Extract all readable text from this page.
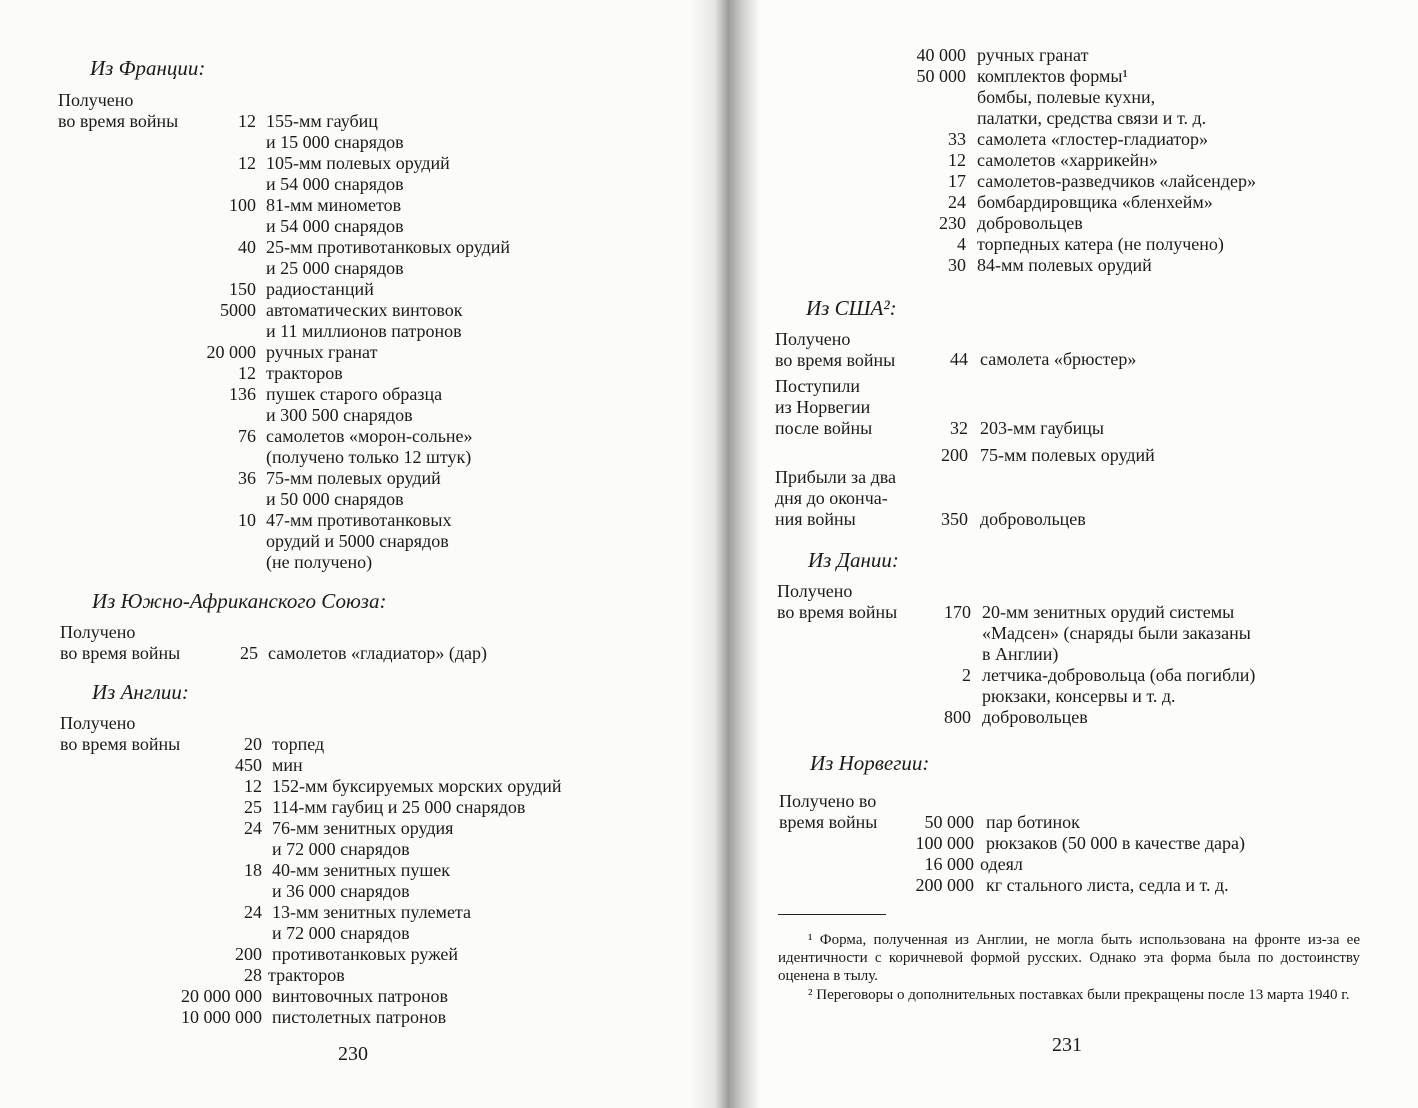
Из Франции:
Получено
во время войны	12 155-мм гаубиц
и 15 000 снарядов
12 105-мм полевых орудий
и 54 000 снарядов
100 81-мм минометов
и 54 000 снарядов
40 25-мм противотанковых орудий
и 25 000 снарядов
150 радиостанций
5000 автоматических винтовок
и 11 миллионов патронов
20 000 ручных гранат
12 тракторов
136 пушек старого образца
и 300 500 снарядов
76 самолетов «морон-сольне»
(получено только 12 штук)
36 75-мм полевых орудий
и 50 000 снарядов
10 47-мм противотанковых
орудий и 5000 снарядов
(не получено)
Из Южно-Африканского Союза:
Получено
во время войны	25 самолетов «гладиатор» (дар)
Из Англии:
Получено
во время войны	20 торпед
450 мин
12 152-мм буксируемых морских орудий
25 114-мм гаубиц и 25 000 снарядов
24 76-мм зенитных орудия
и 72 000 снарядов
18 40-мм зенитных пушек
и 36 000 снарядов
24 13-мм зенитных пулемета
и 72 000 снарядов
200 противотанковых ружей
28 тракторов
20 000 000 винтовочных патронов
10 000 000 пистолетных патронов
230
40 000 ручных гранат
50 000 комплектов формы¹
бомбы, полевые кухни,
палатки, средства связи и т. д.
33 самолета «глостер-гладиатор»
12 самолетов «харрикейн»
17 самолетов-разведчиков «лайсендер»
24 бомбардировщика «бленхейм»
230 добровольцев
4 торпедных катера (не получено)
30 84-мм полевых орудий
Из США²:
Получено
во время войны	44 самолета «брюстер»
Поступили
из Норвегии
после войны	32 203-мм гаубицы
200 75-мм полевых орудий
Прибыли за два
дня до оконча-
ния войны	350 добровольцев
Из Дании:
Получено
во время войны	170 20-мм зенитных орудий системы
«Мадсен» (снаряды были заказаны
в Англии)
2 летчика-добровольца (оба погибли)
рюкзаки, консервы и т. д.
800 добровольцев
Из Норвегии:
Получено во
время войны	50 000 пар ботинок
100 000 рюкзаков (50 000 в качестве дара)
16 000 одеял
200 000 кг стального листа, седла и т. д.
¹ Форма, полученная из Англии, не могла быть использована на фронте из-за ее идентичности с коричневой формой русских. Однако эта форма была по достоинству оценена в тылу.
² Переговоры о дополнительных поставках были прекращены после 13 марта 1940 г.
231
